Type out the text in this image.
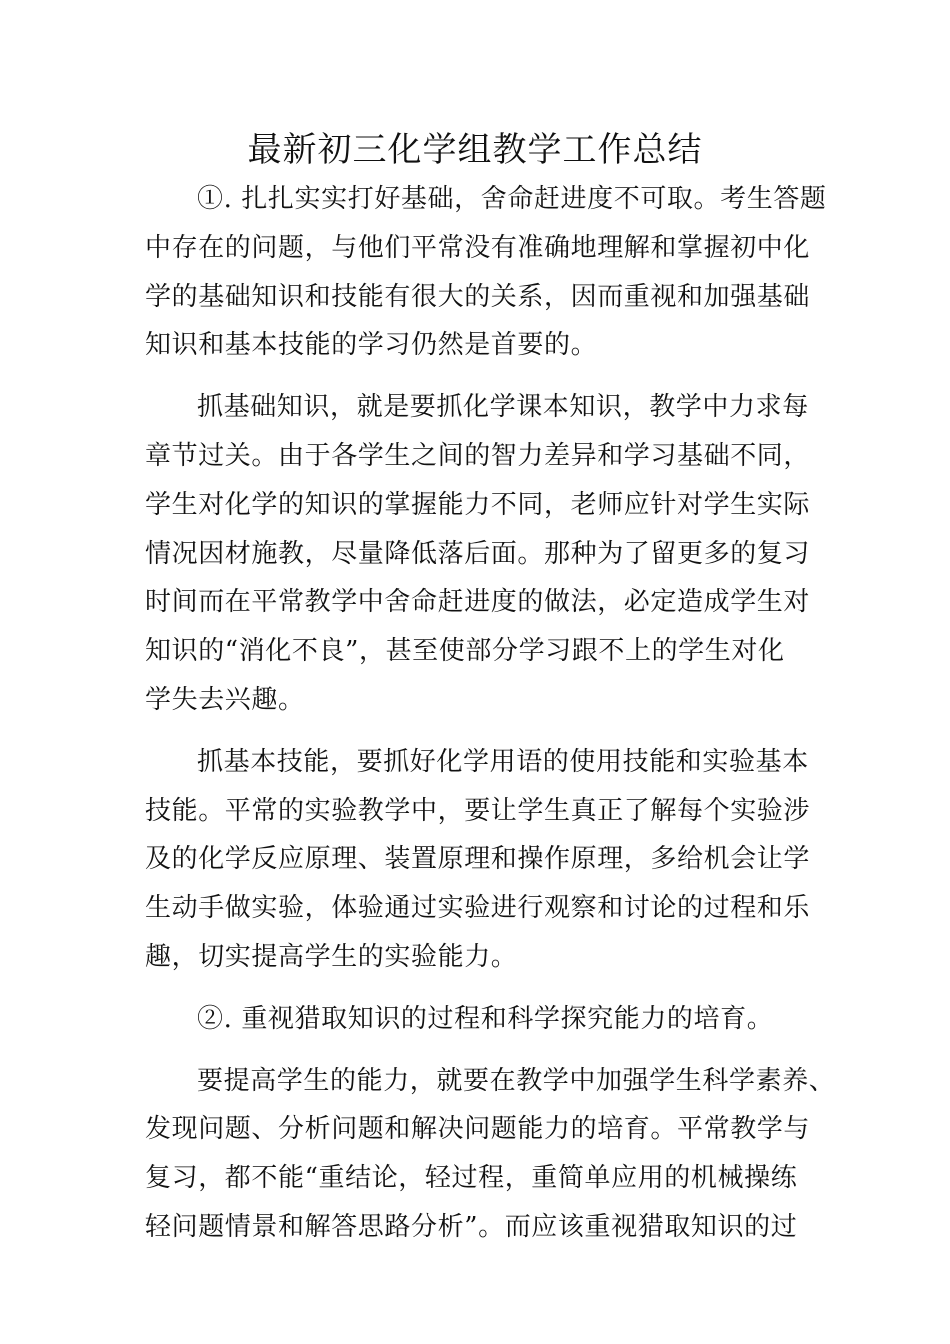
最新初三化学组教学工作总结
①. 扎扎实实打好基础，舍命赶进度不可取。考生答题
中存在的问题，与他们平常没有准确地理解和掌握初中化
学的基础知识和技能有很大的关系，因而重视和加强基础
知识和基本技能的学习仍然是首要的。
抓基础知识，就是要抓化学课本知识，教学中力求每
章节过关。由于各学生之间的智力差异和学习基础不同，
学生对化学的知识的掌握能力不同，老师应针对学生实际
情况因材施教，尽量降低落后面。那种为了留更多的复习
时间而在平常教学中舍命赶进度的做法，必定造成学生对
知识的“消化不良”，甚至使部分学习跟不上的学生对化
学失去兴趣。
抓基本技能，要抓好化学用语的使用技能和实验基本
技能。平常的实验教学中，要让学生真正了解每个实验涉
及的化学反应原理、装置原理和操作原理，多给机会让学
生动手做实验，体验通过实验进行观察和讨论的过程和乐
趣，切实提高学生的实验能力。
②. 重视猎取知识的过程和科学探究能力的培育。
要提高学生的能力，就要在教学中加强学生科学素养、
发现问题、分析问题和解决问题能力的培育。平常教学与
复习，都不能“重结论，轻过程，重简单应用的机械操练
轻问题情景和解答思路分析”。而应该重视猎取知识的过
